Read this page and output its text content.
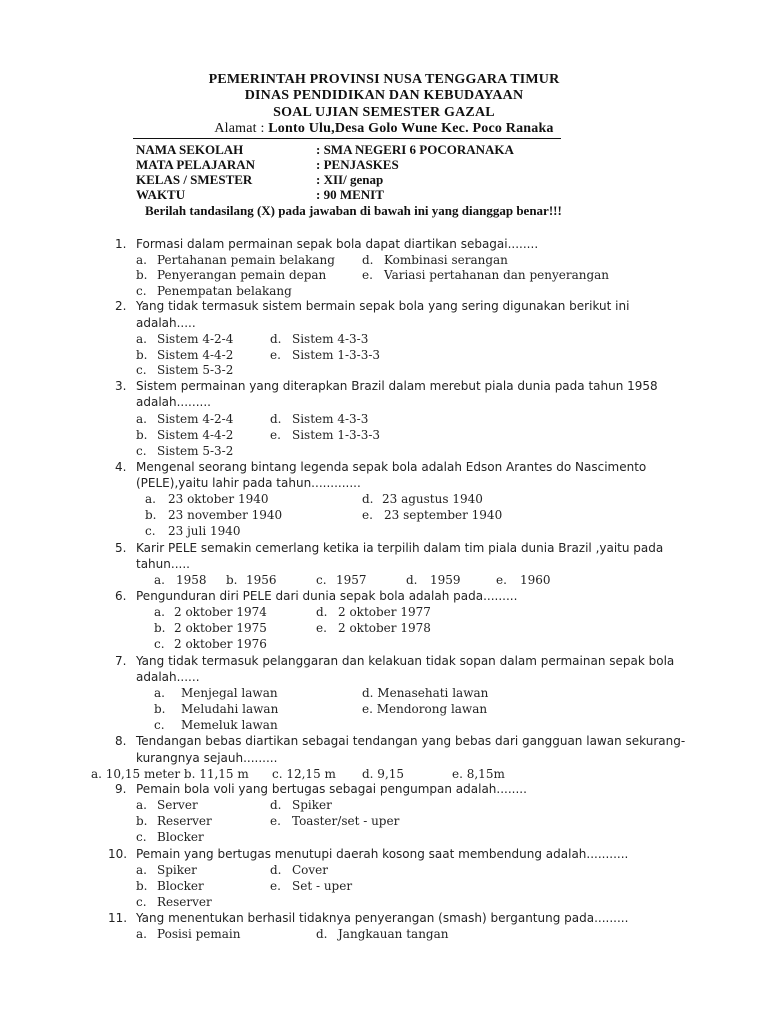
PEMERINTAH PROVINSI NUSA TENGGARA TIMUR
DINAS PENDIDIKAN DAN KEBUDAYAAN
SOAL UJIAN SEMESTER GAZAL
Alamat : Lonto Ulu,Desa Golo Wune Kec. Poco Ranaka
NAMA SEKOLAH	: SMA NEGERI 6 POCORANAKA
MATA PELAJARAN	: PENJASKES
KELAS / SMESTER	: XII/ genap
WAKTU	: 90 MENIT
Berilah tandasilang (X) pada jawaban di bawah ini yang dianggap benar!!!
1. Formasi dalam permainan sepak bola dapat diartikan sebagai........
a. Pertahanan pemain belakang d. Kombinasi serangan
b. Penyerangan pemain depan	e. Variasi pertahanan dan penyerangan
c. Penempatan belakang
2. Yang tidak termasuk sistem bermain sepak bola yang sering digunakan berikut ini
adalah.....
a. Sistem 4-2-4	d. Sistem 4-3-3
b. Sistem 4-4-2	e. Sistem 1-3-3-3
c. Sistem 5-3-2
3. Sistem permainan yang diterapkan Brazil dalam merebut piala dunia pada tahun 1958
adalah.........
a. Sistem 4-2-4	d. Sistem 4-3-3
b. Sistem 4-4-2	e. Sistem 1-3-3-3
c. Sistem 5-3-2
4. Mengenal seorang bintang legenda sepak bola adalah Edson Arantes do Nascimento
(PELE),yaitu lahir pada tahun.............
a. 23 oktober 1940	d. 23 agustus 1940
b. 23 november 1940	e. 23 september 1940
c. 23 juli 1940
5. Karir PELE semakin cemerlang ketika ia terpilih dalam tim piala dunia Brazil ,yaitu pada
tahun.....
a. 1958 b. 1956	c. 1957	d. 1959	e. 1960
6. Pengunduran diri PELE dari dunia sepak bola adalah pada.........
a. 2 oktober 1974	d. 2 oktober 1977
b. 2 oktober 1975	e. 2 oktober 1978
c. 2 oktober 1976
7. Yang tidak termasuk pelanggaran dan kelakuan tidak sopan dalam permainan sepak bola
adalah......
a. Menjegal lawan	d. Menasehati lawan
b. Meludahi lawan	e. Mendorong lawan
c. Memeluk lawan
8. Tendangan bebas diartikan sebagai tendangan yang bebas dari gangguan lawan sekurang-
kurangnya sejauh.........
a. 10,15 meter b. 11,15 m c. 12,15 m d. 9,15	e. 8,15m
9. Pemain bola voli yang bertugas sebagai pengumpan adalah........
a. Server	d. Spiker
b. Reserver	e. Toaster/set - uper
c. Blocker
10. Pemain yang bertugas menutupi daerah kosong saat membendung adalah...........
a. Spiker	d. Cover
b. Blocker	e. Set - uper
c. Reserver
11. Yang menentukan berhasil tidaknya penyerangan (smash) bergantung pada.........
a. Posisi pemain	d. Jangkauan tangan
